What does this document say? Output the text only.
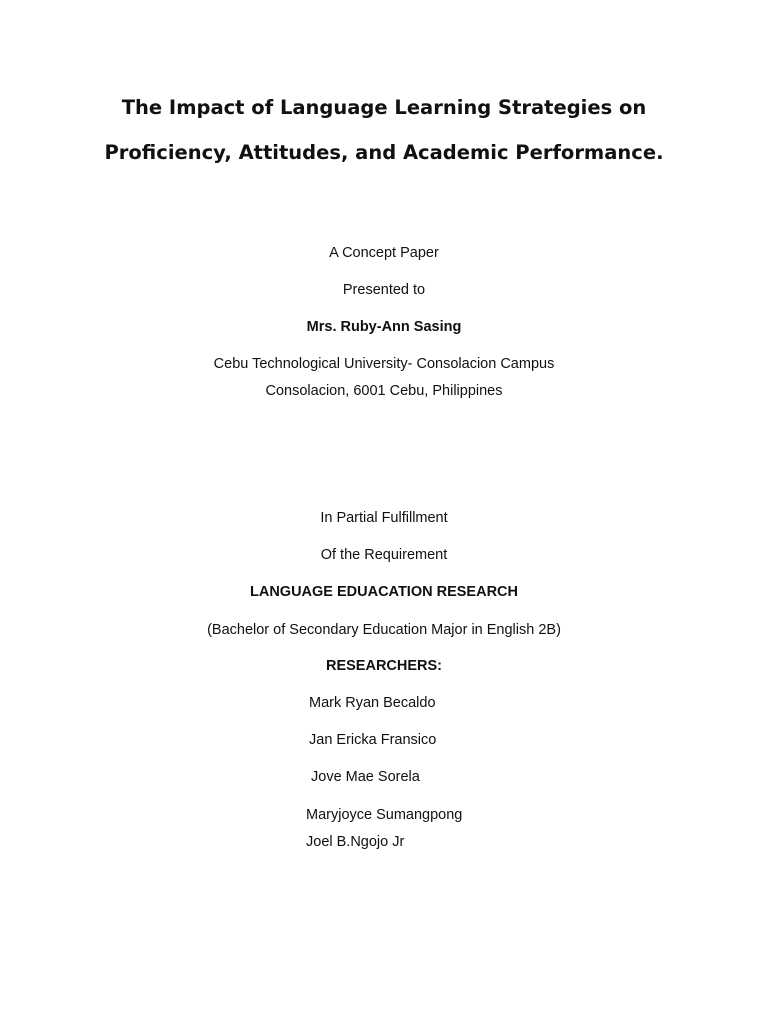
The Impact of Language Learning Strategies on
Proficiency, Attitudes, and Academic Performance.
A Concept Paper
Presented to
Mrs. Ruby-Ann Sasing
Cebu Technological University- Consolacion Campus
Consolacion, 6001 Cebu, Philippines
In Partial Fulfillment
Of the Requirement
LANGUAGE EDUACATION RESEARCH
(Bachelor of Secondary Education Major in English 2B)
RESEARCHERS:
Mark Ryan Becaldo
Jan Ericka Fransico
Jove Mae Sorela
Maryjoyce Sumangpong
Joel B.Ngojo Jr
